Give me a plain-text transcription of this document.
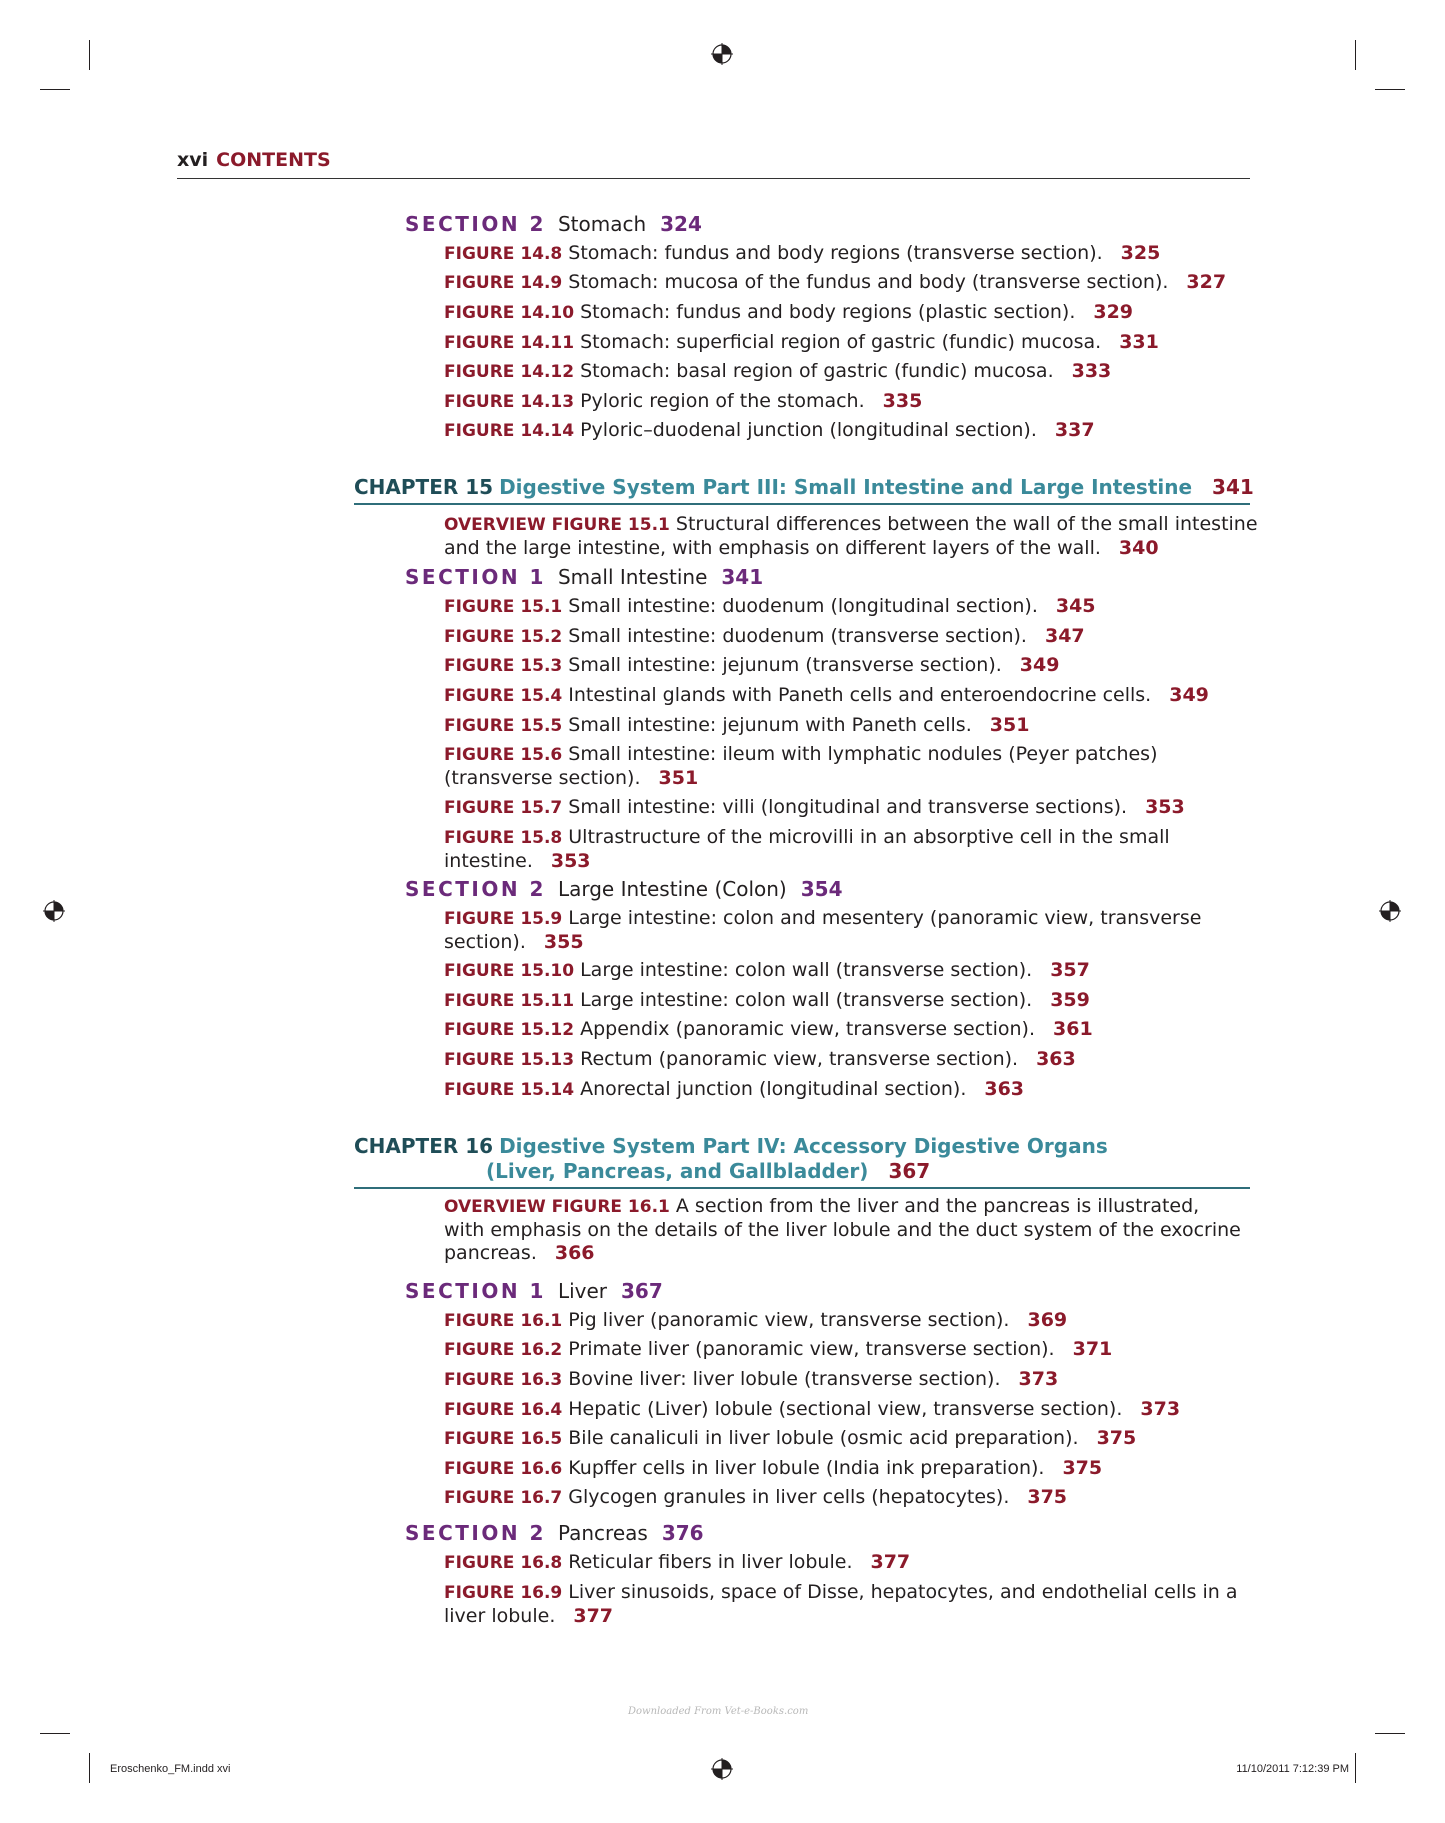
xvi CONTENTS
SECTION 2 Stomach 324
FIGURE 14.8 Stomach: fundus and body regions (transverse section). 325
FIGURE 14.9 Stomach: mucosa of the fundus and body (transverse section). 327
FIGURE 14.10 Stomach: fundus and body regions (plastic section). 329
FIGURE 14.11 Stomach: superficial region of gastric (fundic) mucosa. 331
FIGURE 14.12 Stomach: basal region of gastric (fundic) mucosa. 333
FIGURE 14.13 Pyloric region of the stomach. 335
FIGURE 14.14 Pyloric–duodenal junction (longitudinal section). 337
CHAPTER 15 Digestive System Part III: Small Intestine and Large Intestine 341
OVERVIEW FIGURE 15.1 Structural differences between the wall of the small intestine
and the large intestine, with emphasis on different layers of the wall. 340
SECTION 1 Small Intestine 341
FIGURE 15.1 Small intestine: duodenum (longitudinal section). 345
FIGURE 15.2 Small intestine: duodenum (transverse section). 347
FIGURE 15.3 Small intestine: jejunum (transverse section). 349
FIGURE 15.4 Intestinal glands with Paneth cells and enteroendocrine cells. 349
FIGURE 15.5 Small intestine: jejunum with Paneth cells. 351
FIGURE 15.6 Small intestine: ileum with lymphatic nodules (Peyer patches)
(transverse section). 351
FIGURE 15.7 Small intestine: villi (longitudinal and transverse sections). 353
FIGURE 15.8 Ultrastructure of the microvilli in an absorptive cell in the small
intestine. 353
SECTION 2 Large Intestine (Colon) 354
FIGURE 15.9 Large intestine: colon and mesentery (panoramic view, transverse
section). 355
FIGURE 15.10 Large intestine: colon wall (transverse section). 357
FIGURE 15.11 Large intestine: colon wall (transverse section). 359
FIGURE 15.12 Appendix (panoramic view, transverse section). 361
FIGURE 15.13 Rectum (panoramic view, transverse section). 363
FIGURE 15.14 Anorectal junction (longitudinal section). 363
CHAPTER 16 Digestive System Part IV: Accessory Digestive Organs
(Liver, Pancreas, and Gallbladder) 367
OVERVIEW FIGURE 16.1 A section from the liver and the pancreas is illustrated,
with emphasis on the details of the liver lobule and the duct system of the exocrine
pancreas. 366
SECTION 1 Liver 367
FIGURE 16.1 Pig liver (panoramic view, transverse section). 369
FIGURE 16.2 Primate liver (panoramic view, transverse section). 371
FIGURE 16.3 Bovine liver: liver lobule (transverse section). 373
FIGURE 16.4 Hepatic (Liver) lobule (sectional view, transverse section). 373
FIGURE 16.5 Bile canaliculi in liver lobule (osmic acid preparation). 375
FIGURE 16.6 Kupffer cells in liver lobule (India ink preparation). 375
FIGURE 16.7 Glycogen granules in liver cells (hepatocytes). 375
SECTION 2 Pancreas 376
FIGURE 16.8 Reticular fibers in liver lobule. 377
FIGURE 16.9 Liver sinusoids, space of Disse, hepatocytes, and endothelial cells in a
liver lobule. 377
Downloaded From Vet-e-Books.com
Eroschenko_FM.indd xvi	11/10/2011 7:12:39 PM
